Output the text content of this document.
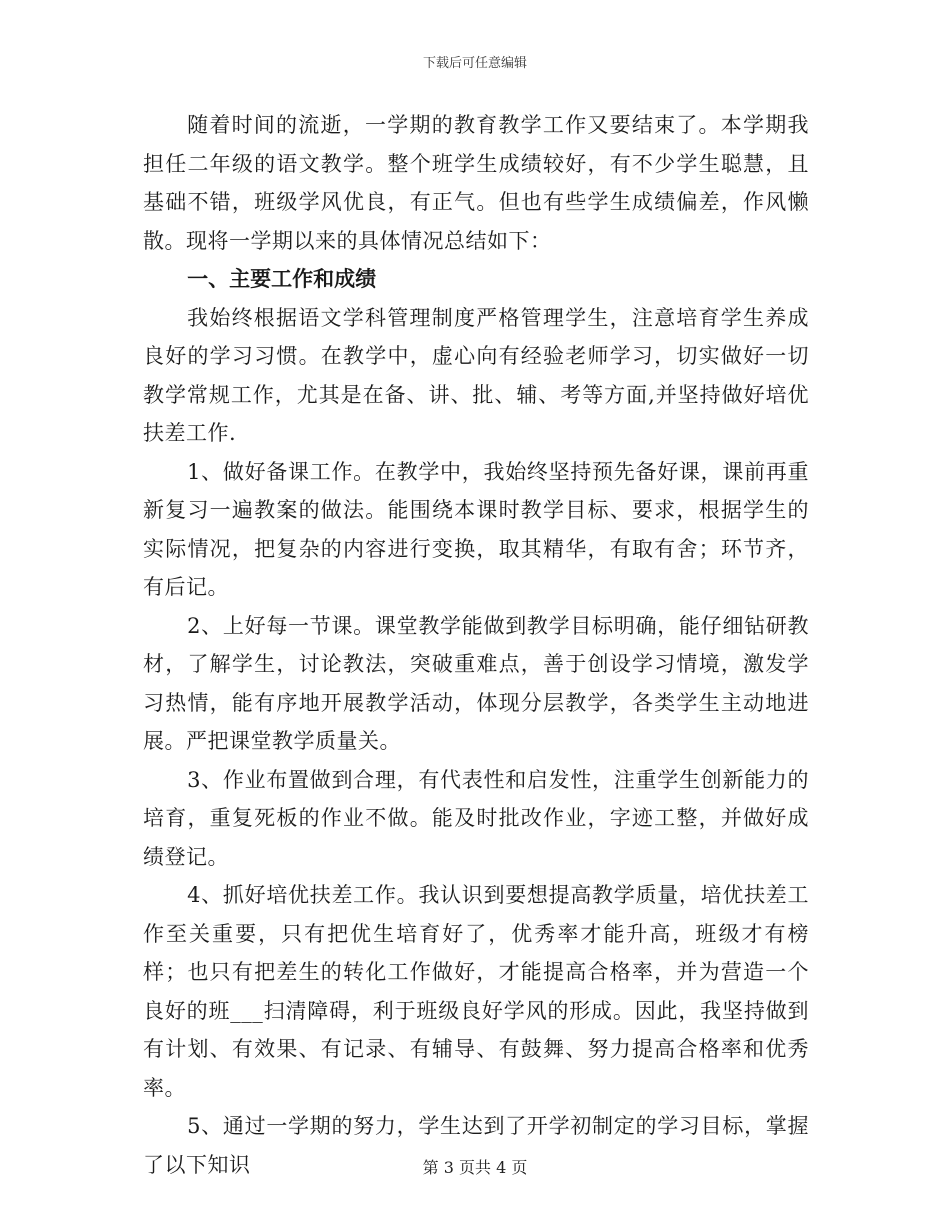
下载后可任意编辑

随着时间的流逝，一学期的教育教学工作又要结束了。本学期我担任二年级的语文教学。整个班学生成绩较好，有不少学生聪慧，且基础不错，班级学风优良，有正气。但也有些学生成绩偏差，作风懒散。现将一学期以来的具体情况总结如下：

一、主要工作和成绩

我始终根据语文学科管理制度严格管理学生，注意培育学生养成良好的学习习惯。在教学中，虚心向有经验老师学习，切实做好一切教学常规工作，尤其是在备、讲、批、辅、考等方面,并坚持做好培优扶差工作.

1、做好备课工作。在教学中，我始终坚持预先备好课，课前再重新复习一遍教案的做法。能围绕本课时教学目标、要求，根据学生的实际情况，把复杂的内容进行变换，取其精华，有取有舍；环节齐，有后记。

2、上好每一节课。课堂教学能做到教学目标明确，能仔细钻研教材，了解学生，讨论教法，突破重难点，善于创设学习情境，激发学习热情，能有序地开展教学活动，体现分层教学，各类学生主动地进展。严把课堂教学质量关。

3、作业布置做到合理，有代表性和启发性，注重学生创新能力的培育，重复死板的作业不做。能及时批改作业，字迹工整，并做好成绩登记。

4、抓好培优扶差工作。我认识到要想提高教学质量，培优扶差工作至关重要，只有把优生培育好了，优秀率才能升高，班级才有榜样；也只有把差生的转化工作做好，才能提高合格率，并为营造一个良好的班___扫清障碍，利于班级良好学风的形成。因此，我坚持做到有计划、有效果、有记录、有辅导、有鼓舞、努力提高合格率和优秀率。

5、通过一学期的努力，学生达到了开学初制定的学习目标，掌握了以下知识	第 3 页共 4 页
